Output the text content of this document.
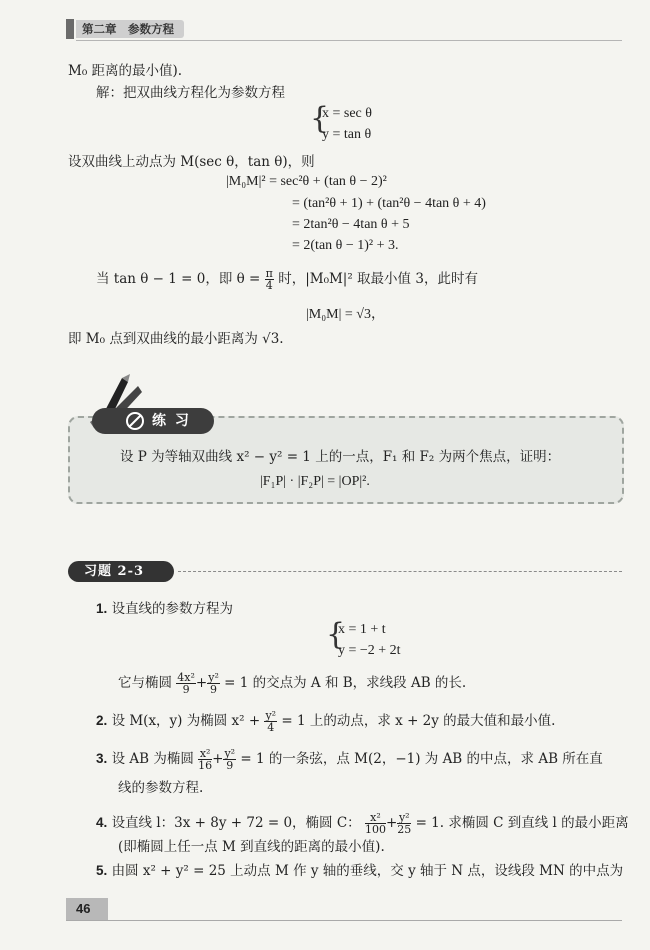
第二章　参数方程
M₀ 距离的最小值).
解：把双曲线方程化为参数方程
{
x = sec θ
y = tan θ
设双曲线上动点为 M(sec θ，tan θ)，则
|M₀M|² = sec²θ + (tan θ − 2)²
= (tan²θ + 1) + (tan²θ − 4tan θ + 4)
= 2tan²θ − 4tan θ + 5
= 2(tan θ − 1)² + 3.
当 tan θ − 1 = 0，即 $\theta = \frac{\pi}{4}$ 时，|M₀M|² 取最小值 3，此时有
|M₀M| = √3，
即 M₀ 点到双曲线的最小距离为 √3.
练 习
设 P 为等轴双曲线 x² − y² = 1 上的一点，F₁ 和 F₂ 为两个焦点，证明：
|F₁P| · |F₂P| = |OP|².
习题 2-3
1. 设直线的参数方程为
{
x = 1 + t
y = −2 + 2t
它与椭圆 $\frac{\text{4x²}}{9} + \frac{\text{y²}}{9} = 1$ 的交点为 A 和 B，求线段 AB 的长.
2. 设 M(x，y) 为椭圆 $x^2 + \frac{\text{y²}}{4} = 1$ 上的动点，求 x + 2y 的最大值和最小值.
3. 设 AB 为椭圆 $\frac{\text{x²}}{16} + \frac{\text{y²}}{9} = 1$ 的一条弦，点 M(2，−1) 为 AB 的中点，求 AB 所在直
线的参数方程.
4. 设直线 l：3x + 8y + 72 = 0，椭圆 C： $\frac{\text{x²}}{100} + \frac{\text{y²}}{25} = 1$. 求椭圆 C 到直线 l 的最小距离
(即椭圆上任一点 M 到直线的距离的最小值).
5. 由圆 x² + y² = 25 上动点 M 作 y 轴的垂线，交 y 轴于 N 点，设线段 MN 的中点为
46
